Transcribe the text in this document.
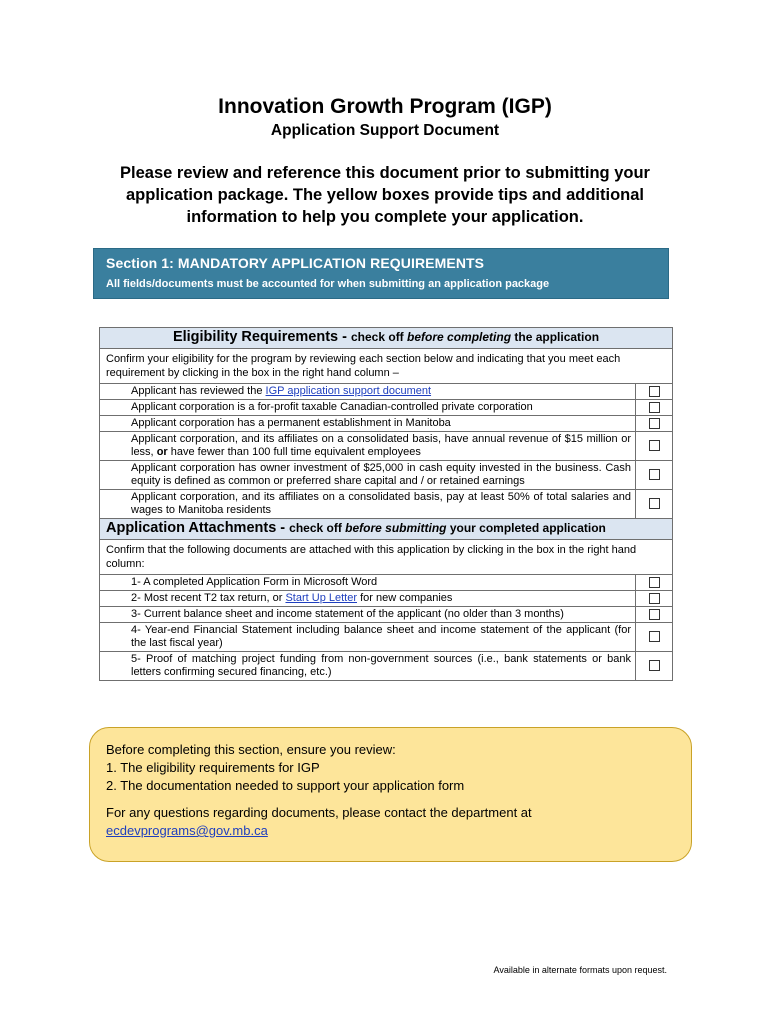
Innovation Growth Program (IGP)
Application Support Document
Please review and reference this document prior to submitting your application package. The yellow boxes provide tips and additional information to help you complete your application.
Section 1: MANDATORY APPLICATION REQUIREMENTS
All fields/documents must be accounted for when submitting an application package
Eligibility Requirements - check off before completing the application	
Confirm your eligibility for the program by reviewing each section below and indicating that you meet each requirement by clicking in the box in the right hand column –	
Applicant has reviewed the IGP application support document	
Applicant corporation is a for-profit taxable Canadian-controlled private corporation	
Applicant corporation has a permanent establishment in Manitoba	
Applicant corporation, and its affiliates on a consolidated basis, have annual revenue of $15 million or less, or have fewer than 100 full time equivalent employees	
Applicant corporation has owner investment of $25,000 in cash equity invested in the business. Cash equity is defined as common or preferred share capital and / or retained earnings	
Applicant corporation, and its affiliates on a consolidated basis, pay at least 50% of total salaries and wages to Manitoba residents	
Application Attachments - check off before submitting your completed application	
Confirm that the following documents are attached with this application by clicking in the box in the right hand column:	
1- A completed Application Form in Microsoft Word	
2- Most recent T2 tax return, or Start Up Letter for new companies	
3- Current balance sheet and income statement of the applicant (no older than 3 months)	
4- Year-end Financial Statement including balance sheet and income statement of the applicant (for the last fiscal year)	
5- Proof of matching project funding from non-government sources (i.e., bank statements or bank letters confirming secured financing, etc.)	

Before completing this section, ensure you review:

1. The eligibility requirements for IGP

2. The documentation needed to support your application form

For any questions regarding documents, please contact the department at

ecdevprograms@gov.mb.ca

Available in alternate formats upon request.
